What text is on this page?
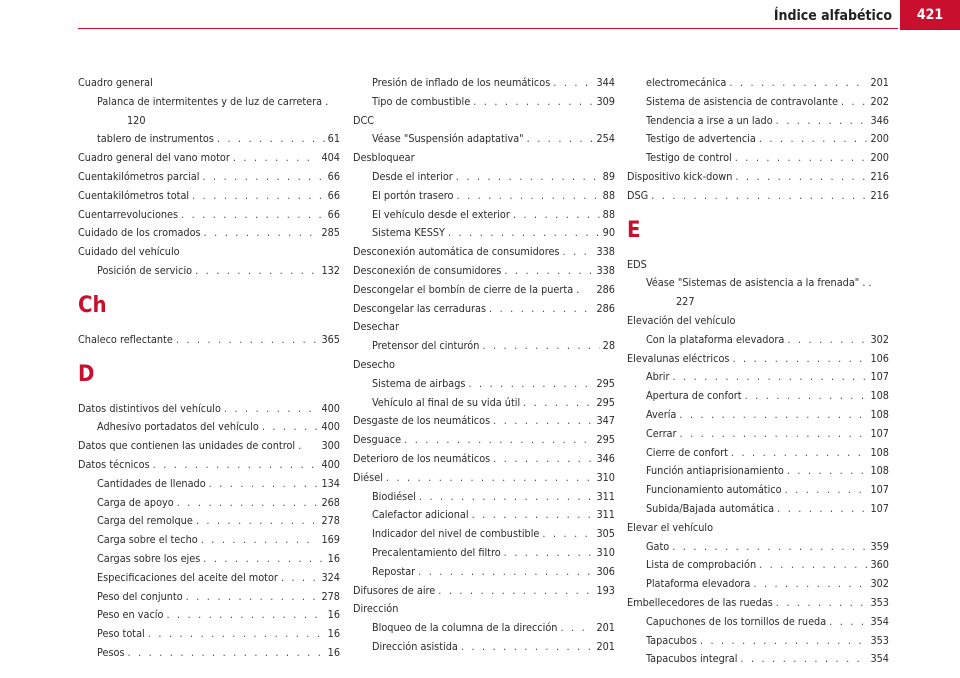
Índice alfabético	421
Cuadro general
Palanca de intermitentes y de luz de carretera .
120
tablero de instrumentos . . .	61
Cuadro general del vano motor . . .	404
Cuentakilómetros parcial . . .	66
Cuentakilómetros total . . .	66
Cuentarrevoluciones . . .	66
Cuidado de los cromados . . .	285
Cuidado del vehículo
Posición de servicio . . .	132
Ch
Chaleco reflectante . . .	365
D
Datos distintivos del vehículo . . .	400
Adhesivo portadatos del vehículo . . .	400
Datos que contienen las unidades de control . 300
Datos técnicos . . .	400
Cantidades de llenado . . .	134
Carga de apoyo . . .	268
Carga del remolque . . .	278
Carga sobre el techo . . .	169
Cargas sobre los ejes . . .	16
Especificaciones del aceite del motor . . .	324
Peso del conjunto . . .	278
Peso en vacío . . .	16
Peso total . . .	16
Pesos . . .	16
Presión de inflado de los neumáticos . . .	344
Tipo de combustible . . .	309
DCC
Véase "Suspensión adaptativa" . . .	254
Desbloquear
Desde el interior . . .	89
El portón trasero . . .	88
El vehículo desde el exterior . . .	88
Sistema KESSY . . .	90
Desconexión automática de consumidores . . .	338
Desconexión de consumidores . . .	338
Descongelar el bombín de cierre de la puerta . 286
Descongelar las cerraduras . . .	286
Desechar
Pretensor del cinturón . . .	28
Desecho
Sistema de airbags . . .	295
Vehículo al final de su vida útil . . .	295
Desgaste de los neumáticos . . .	347
Desguace . . .	295
Deterioro de los neumáticos . . .	346
Diésel . . .	310
Biodiésel . . .	311
Calefactor adicional . . .	311
Indicador del nivel de combustible . . .	305
Precalentamiento del filtro . . .	310
Repostar . . .	306
Difusores de aire . . .	193
Dirección
Bloqueo de la columna de la dirección . . .	201
Dirección asistida . . .	201
electromecánica . . .	201
Sistema de asistencia de contravolante . . .	202
Tendencia a irse a un lado . . .	346
Testigo de advertencia . . .	200
Testigo de control . . .	200
Dispositivo kick-down . . .	216
DSG . . .	216
E
EDS
Véase "Sistemas de asistencia a la frenada" . .
227
Elevación del vehículo
Con la plataforma elevadora . . .	302
Elevalunas eléctricos . . .	106
Abrir . . .	107
Apertura de confort . . .	108
Avería . . .	108
Cerrar . . .	107
Cierre de confort . . .	108
Función antiaprisionamiento . . .	108
Funcionamiento automático . . .	107
Subida/Bajada automática . . .	107
Elevar el vehículo
Gato . . .	359
Lista de comprobación . . .	360
Plataforma elevadora . . .	302
Embellecedores de las ruedas . . .	353
Capuchones de los tornillos de rueda . . .	354
Tapacubos . . .	353
Tapacubos integral . . .	354
